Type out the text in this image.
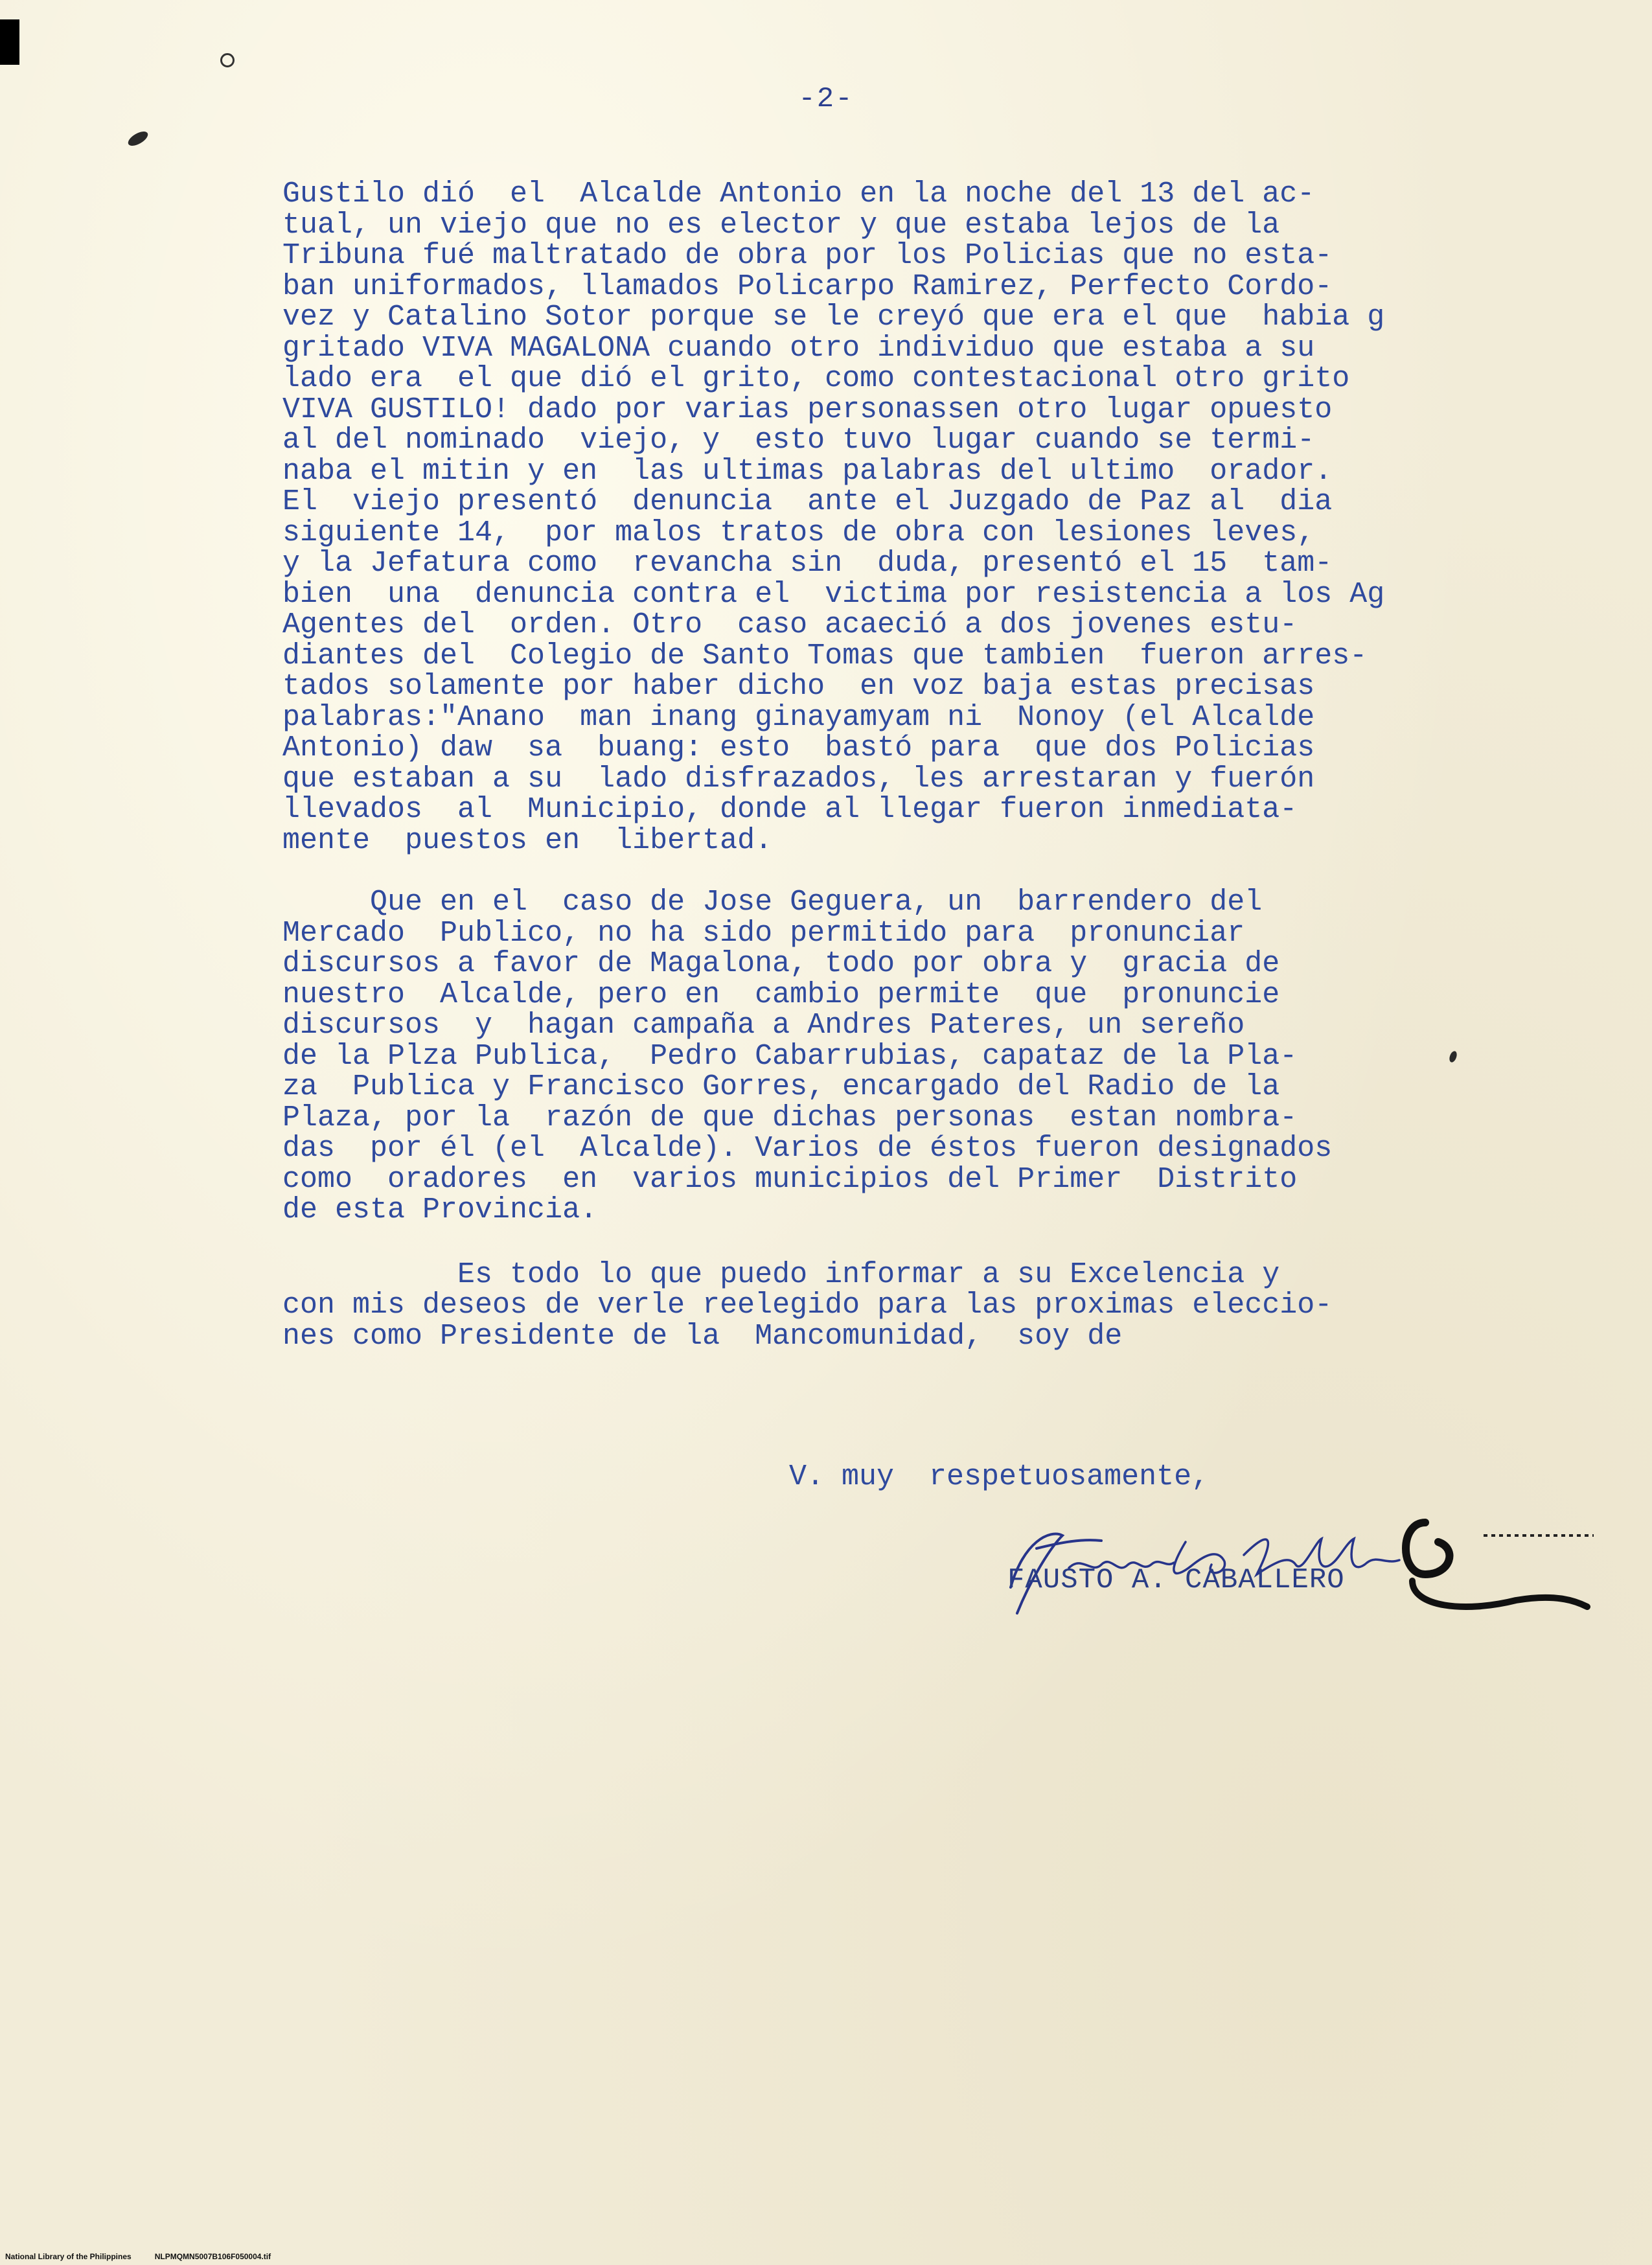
-2-
Gustilo dió  el  Alcalde Antonio en la noche del 13 del ac-
tual, un viejo que no es elector y que estaba lejos de la
Tribuna fué maltratado de obra por los Policias que no esta-
ban uniformados, llamados Policarpo Ramirez, Perfecto Cordo-
vez y Catalino Sotor porque se le creyó que era el que  habia g
gritado VIVA MAGALONA cuando otro individuo que estaba a su
lado era  el que dió el grito, como contestacional otro grito
VIVA GUSTILO! dado por varias personassen otro lugar opuesto
al del nominado  viejo, y  esto tuvo lugar cuando se termi-
naba el mitin y en  las ultimas palabras del ultimo  orador.
El  viejo presentó  denuncia  ante el Juzgado de Paz al  dia
siguiente 14,  por malos tratos de obra con lesiones leves,
y la Jefatura como  revancha sin  duda, presentó el 15  tam-
bien  una  denuncia contra el  victima por resistencia a los Ag
Agentes del  orden. Otro  caso acaeció a dos jovenes estu-
diantes del  Colegio de Santo Tomas que tambien  fueron arres-
tados solamente por haber dicho  en voz baja estas precisas
palabras:"Anano  man inang ginayamyam ni  Nonoy (el Alcalde
Antonio) daw  sa  buang: esto  bastó para  que dos Policias
que estaban a su  lado disfrazados, les arrestaran y fuerón
llevados  al  Municipio, donde al llegar fueron inmediata-
mente  puestos en  libertad.
Que en el  caso de Jose Geguera, un  barrendero del
Mercado  Publico, no ha sido permitido para  pronunciar
discursos a favor de Magalona, todo por obra y  gracia de
nuestro  Alcalde, pero en  cambio permite  que  pronuncie
discursos  y  hagan campaña a Andres Pateres, un sereño
de la Plza Publica,  Pedro Cabarrubias, capataz de la Pla-
za  Publica y Francisco Gorres, encargado del Radio de la
Plaza, por la  razón de que dichas personas  estan nombra-
das  por él (el  Alcalde). Varios de éstos fueron designados
como  oradores  en  varios municipios del Primer  Distrito
de esta Provincia.
Es todo lo que puedo informar a su Excelencia y
con mis deseos de verle reelegido para las proximas eleccio-
nes como Presidente de la  Mancomunidad,  soy de
V. muy  respetuosamente,
FAUSTO A. CABALLERO
National Library of the Philippines	NLPMQMN5007B106F050004.tif
